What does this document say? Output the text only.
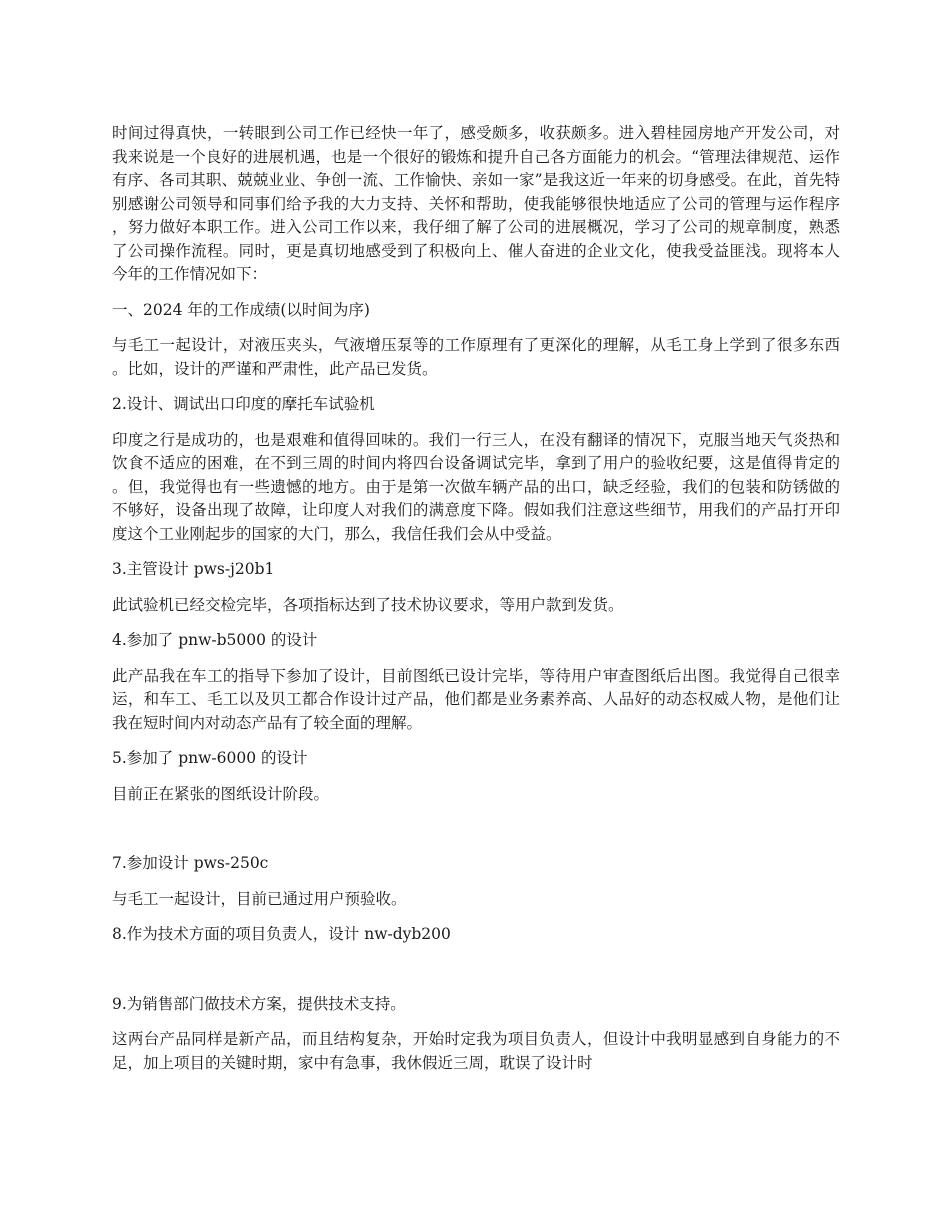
时间过得真快，一转眼到公司工作已经快一年了，感受颇多，收获颇多。进入碧桂园房地产开发公司，对我来说是一个良好的进展机遇，也是一个很好的锻炼和提升自己各方面能力的机会。“管理法律规范、运作有序、各司其职、兢兢业业、争创一流、工作愉快、亲如一家”是我这近一年来的切身感受。在此，首先特别感谢公司领导和同事们给予我的大力支持、关怀和帮助，使我能够很快地适应了公司的管理与运作程序，努力做好本职工作。进入公司工作以来，我仔细了解了公司的进展概况，学习了公司的规章制度，熟悉了公司操作流程。同时，更是真切地感受到了积极向上、催人奋进的企业文化，使我受益匪浅。现将本人今年的工作情况如下：

一、2024 年的工作成绩(以时间为序)

与毛工一起设计，对液压夹头，气液增压泵等的工作原理有了更深化的理解，从毛工身上学到了很多东西。比如，设计的严谨和严肃性，此产品已发货。

2.设计、调试出口印度的摩托车试验机

印度之行是成功的，也是艰难和值得回味的。我们一行三人，在没有翻译的情况下，克服当地天气炎热和饮食不适应的困难，在不到三周的时间内将四台设备调试完毕，拿到了用户的验收纪要，这是值得肯定的。但，我觉得也有一些遗憾的地方。由于是第一次做车辆产品的出口，缺乏经验，我们的包装和防锈做的不够好，设备出现了故障，让印度人对我们的满意度下降。假如我们注意这些细节，用我们的产品打开印度这个工业刚起步的国家的大门，那么，我信任我们会从中受益。

3.主管设计 pws-j20b1

此试验机已经交检完毕，各项指标达到了技术协议要求，等用户款到发货。

4.参加了 pnw-b5000 的设计

此产品我在车工的指导下参加了设计，目前图纸已设计完毕，等待用户审查图纸后出图。我觉得自己很幸运，和车工、毛工以及贝工都合作设计过产品，他们都是业务素养高、人品好的动态权威人物，是他们让我在短时间内对动态产品有了较全面的理解。

5.参加了 pnw-6000 的设计

目前正在紧张的图纸设计阶段。

7.参加设计 pws-250c

与毛工一起设计，目前已通过用户预验收。

8.作为技术方面的项目负责人，设计 nw-dyb200

9.为销售部门做技术方案，提供技术支持。

这两台产品同样是新产品，而且结构复杂，开始时定我为项目负责人，但设计中我明显感到自身能力的不足，加上项目的关键时期，家中有急事，我休假近三周，耽误了设计时
